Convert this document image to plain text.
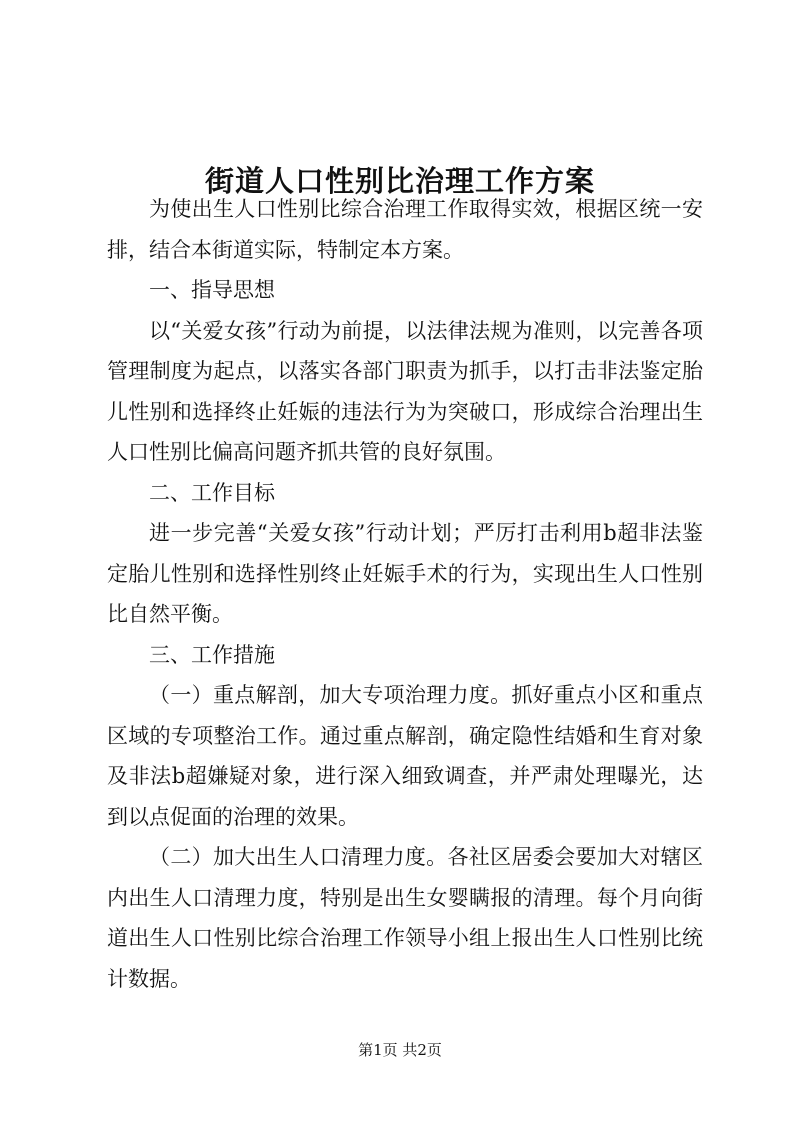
街道人口性别比治理工作方案

为使出生人口性别比综合治理工作取得实效，根据区统一安排，结合本街道实际，特制定本方案。

一、指导思想

以“关爱女孩”行动为前提，以法律法规为准则，以完善各项管理制度为起点，以落实各部门职责为抓手，以打击非法鉴定胎儿性别和选择终止妊娠的违法行为为突破口，形成综合治理出生人口性别比偏高问题齐抓共管的良好氛围。

二、工作目标

进一步完善“关爱女孩”行动计划；严厉打击利用b超非法鉴定胎儿性别和选择性别终止妊娠手术的行为，实现出生人口性别比自然平衡。

三、工作措施

（一）重点解剖，加大专项治理力度。抓好重点小区和重点区域的专项整治工作。通过重点解剖，确定隐性结婚和生育对象及非法b超嫌疑对象，进行深入细致调查，并严肃处理曝光，达到以点促面的治理的效果。

（二）加大出生人口清理力度。各社区居委会要加大对辖区内出生人口清理力度，特别是出生女婴瞒报的清理。每个月向街道出生人口性别比综合治理工作领导小组上报出生人口性别比统计数据。

第1页 共2页
